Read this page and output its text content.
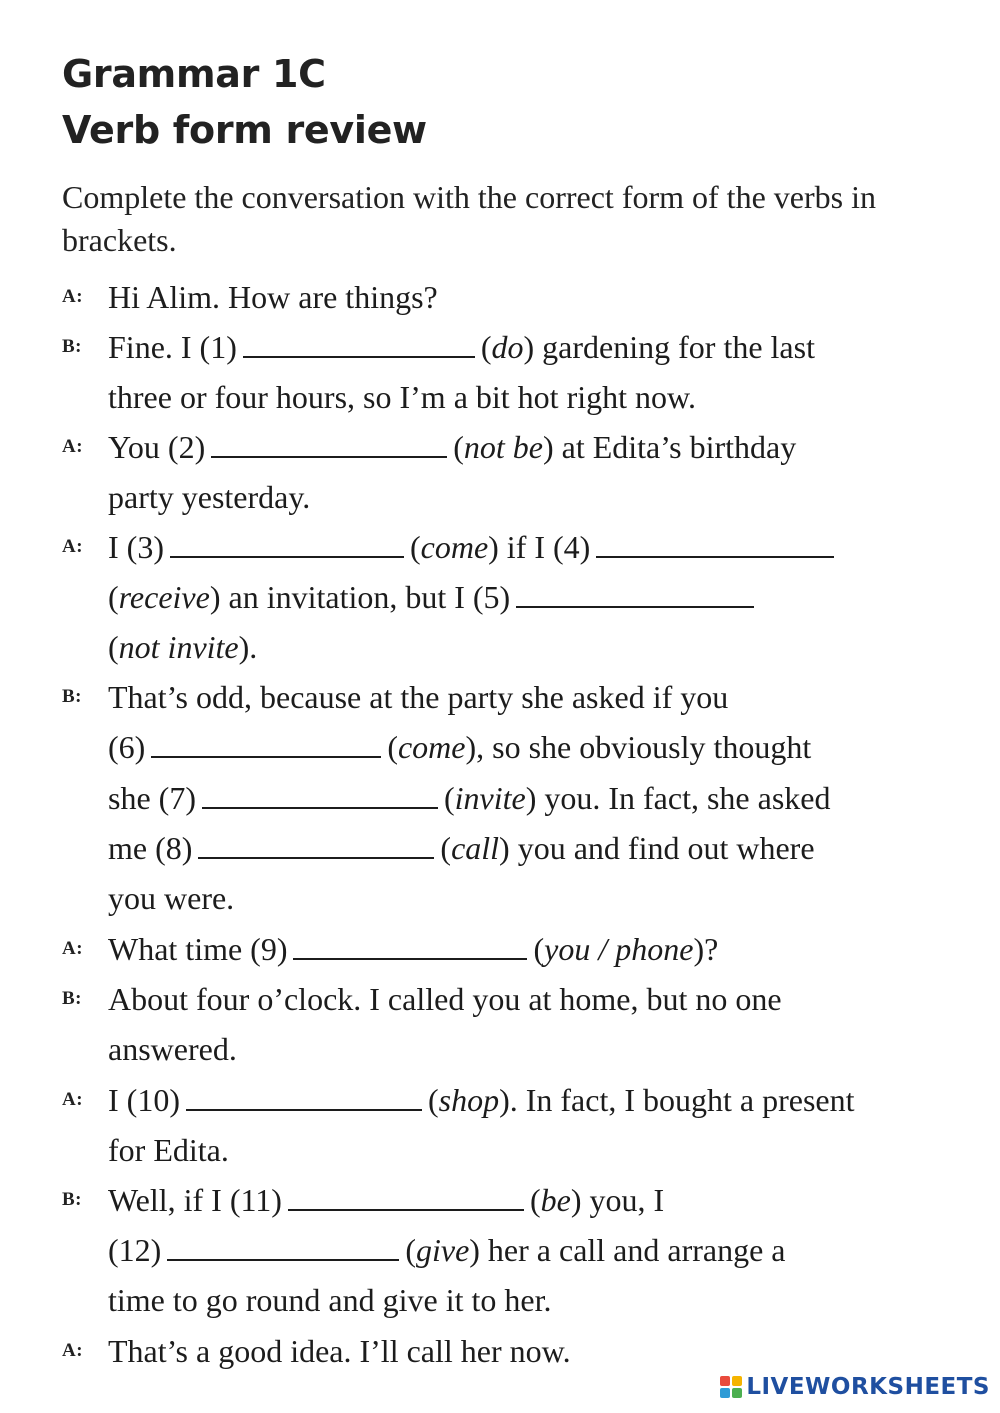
Grammar 1C
Verb form review

Complete the conversation with the correct form of the verbs in brackets.

A:
B:
A:
A:
B:
A:
B:
A:
B:
A:
Hi Alim. How are things?
Fine. I (1)	(do) gardening for the last
three or four hours, so I’m a bit hot right now.
You (2)	(not be) at Edita’s birthday
party yesterday.
I (3)	(come) if I (4)
(receive) an invitation, but I (5)
(not invite).
That’s odd, because at the party she asked if you
(6)	(come), so she obviously thought
she (7)	(invite) you. In fact, she asked
me (8)	(call) you and find out where
you were.
What time (9)	(you / phone)?
About four o’clock. I called you at home, but no one
answered.
I (10)	(shop). In fact, I bought a present
for Edita.
Well, if I (11)	(be) you, I
(12)	(give) her a call and arrange a
time to go round and give it to her.
That’s a good idea. I’ll call her now.
LIVEWORKSHEETS
